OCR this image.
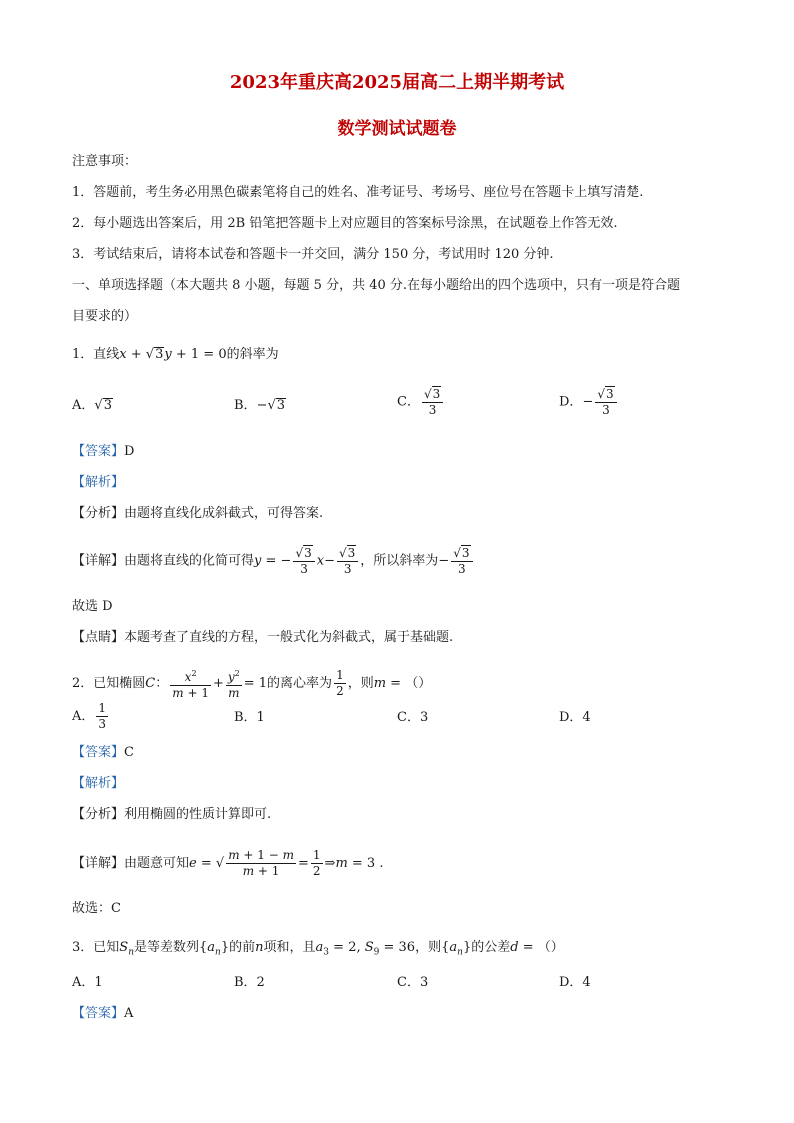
2023年重庆高2025届高二上期半期考试
数学测试试题卷
注意事项：
1．答题前，考生务必用黑色碳素笔将自己的姓名、准考证号、考场号、座位号在答题卡上填写清楚.
2．每小题选出答案后，用 2B 铅笔把答题卡上对应题目的答案标号涂黑，在试题卷上作答无效.
3．考试结束后，请将本试卷和答题卡一并交回，满分 150 分，考试用时 120 分钟.
一、单项选择题（本大题共 8 小题，每题 5 分，共 40 分.在每小题给出的四个选项中，只有一项是符合题
目要求的）
1．直线x + √3y + 1 = 0的斜率为
A．√3	B．−√3	C． $\frac{√3}{3}$	D．− $\frac{√3}{3}$
【答案】D
【解析】
【分析】由题将直线化成斜截式，可得答案.
【详解】由题将直线的化简可得y = − $\frac{√3}{3} x- \frac{√3}{3}$ ，所以斜率为− $\frac{√3}{3}$
故选 D
【点睛】本题考查了直线的方程，一般式化为斜截式，属于基础题.
2．已知椭圆C： $\frac{x^2}{m + 1} + \frac{y^2}{m} = 1$的离心率为 $\frac{1}{2}$ ，则m = （）
A． $\frac{1}{3}$	B．1	C．3	D．4
【答案】C
【解析】
【分析】利用椭圆的性质计算即可.
【详解】由题意可知e = √ $\frac{m + 1 - m}{m + 1} = \frac{1}{2}$ ⇒m = 3 .
故选：C
3．已知$S_n$是等差数列$\{a_n\}$的前n项和，且$a_3 = 2$, $S_9 = 36$，则$\{a_n\}$的公差d = （）
A．1	B．2	C．3	D．4
【答案】A
